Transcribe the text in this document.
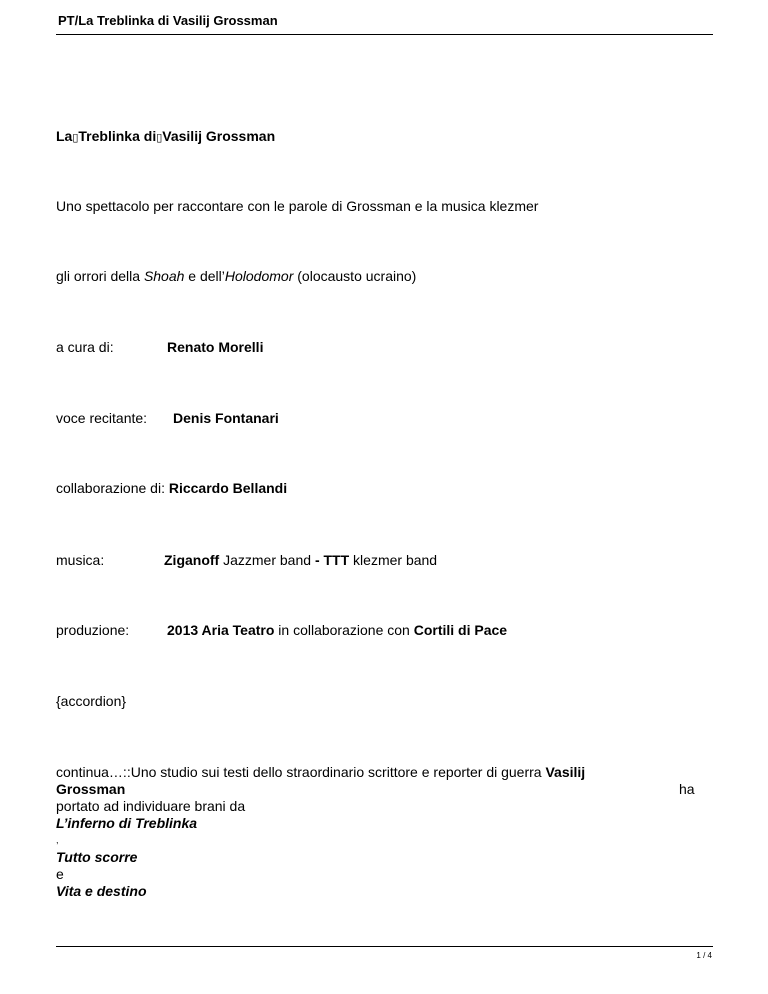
PT/La Treblinka di Vasilij Grossman
La▯Treblinka di▯Vasilij Grossman
Uno spettacolo per raccontare con le parole di Grossman e la musica klezmer
gli orrori della Shoah e dell’Holodomor (olocausto ucraino)
a cura di:	Renato Morelli
voce recitante: Denis Fontanari
collaborazione di: Riccardo Bellandi
musica:	Ziganoff Jazzmer band - TTT klezmer band
produzione:	2013 Aria Teatro in collaborazione con Cortili di Pace
{accordion}
continua…::Uno studio sui testi dello straordinario scrittore e reporter di guerra Vasilij
Grossman	ha
portato ad individuare brani da
L’inferno di Treblinka
,
Tutto scorre
e
Vita e destino
1 / 4
